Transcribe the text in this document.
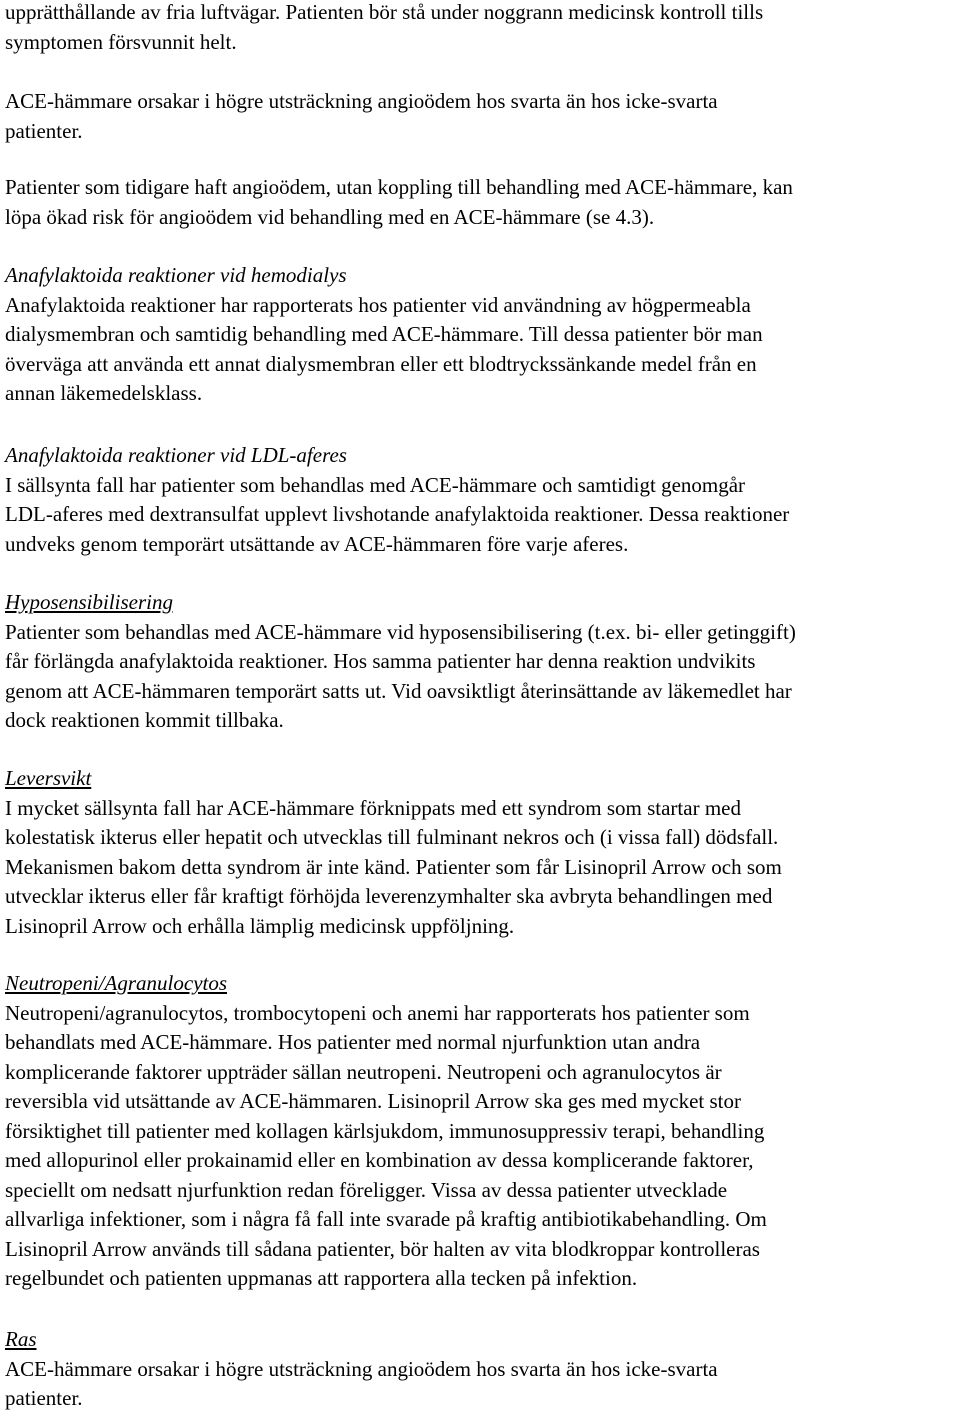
upprätthållande av fria luftvägar. Patienten bör stå under noggrann medicinsk kontroll tills
symptomen försvunnit helt.

ACE-hämmare orsakar i högre utsträckning angioödem hos svarta än hos icke-svarta
patienter.

Patienter som tidigare haft angioödem, utan koppling till behandling med ACE-hämmare, kan
löpa ökad risk för angioödem vid behandling med en ACE-hämmare (se 4.3).

Anafylaktoida reaktioner vid hemodialys

Anafylaktoida reaktioner har rapporterats hos patienter vid användning av högpermeabla
dialysmembran och samtidig behandling med ACE-hämmare. Till dessa patienter bör man
överväga att använda ett annat dialysmembran eller ett blodtryckssänkande medel från en
annan läkemedelsklass.

Anafylaktoida reaktioner vid LDL-aferes

I sällsynta fall har patienter som behandlas med ACE-hämmare och samtidigt genomgår
LDL-aferes med dextransulfat upplevt livshotande anafylaktoida reaktioner. Dessa reaktioner
undveks genom temporärt utsättande av ACE-hämmaren före varje aferes.

Hyposensibilisering

Patienter som behandlas med ACE-hämmare vid hyposensibilisering (t.ex. bi- eller getinggift)
får förlängda anafylaktoida reaktioner. Hos samma patienter har denna reaktion undvikits
genom att ACE-hämmaren temporärt satts ut. Vid oavsiktligt återinsättande av läkemedlet har
dock reaktionen kommit tillbaka.

Leversvikt

I mycket sällsynta fall har ACE-hämmare förknippats med ett syndrom som startar med
kolestatisk ikterus eller hepatit och utvecklas till fulminant nekros och (i vissa fall) dödsfall.
Mekanismen bakom detta syndrom är inte känd. Patienter som får Lisinopril Arrow och som
utvecklar ikterus eller får kraftigt förhöjda leverenzymhalter ska avbryta behandlingen med
Lisinopril Arrow och erhålla lämplig medicinsk uppföljning.

Neutropeni/Agranulocytos

Neutropeni/agranulocytos, trombocytopeni och anemi har rapporterats hos patienter som
behandlats med ACE-hämmare. Hos patienter med normal njurfunktion utan andra
komplicerande faktorer uppträder sällan neutropeni. Neutropeni och agranulocytos är
reversibla vid utsättande av ACE-hämmaren. Lisinopril Arrow ska ges med mycket stor
försiktighet till patienter med kollagen kärlsjukdom, immunosuppressiv terapi, behandling
med allopurinol eller prokainamid eller en kombination av dessa komplicerande faktorer,
speciellt om nedsatt njurfunktion redan föreligger. Vissa av dessa patienter utvecklade
allvarliga infektioner, som i några få fall inte svarade på kraftig antibiotikabehandling. Om
Lisinopril Arrow används till sådana patienter, bör halten av vita blodkroppar kontrolleras
regelbundet och patienten uppmanas att rapportera alla tecken på infektion.

Ras

ACE-hämmare orsakar i högre utsträckning angioödem hos svarta än hos icke-svarta
patienter.
